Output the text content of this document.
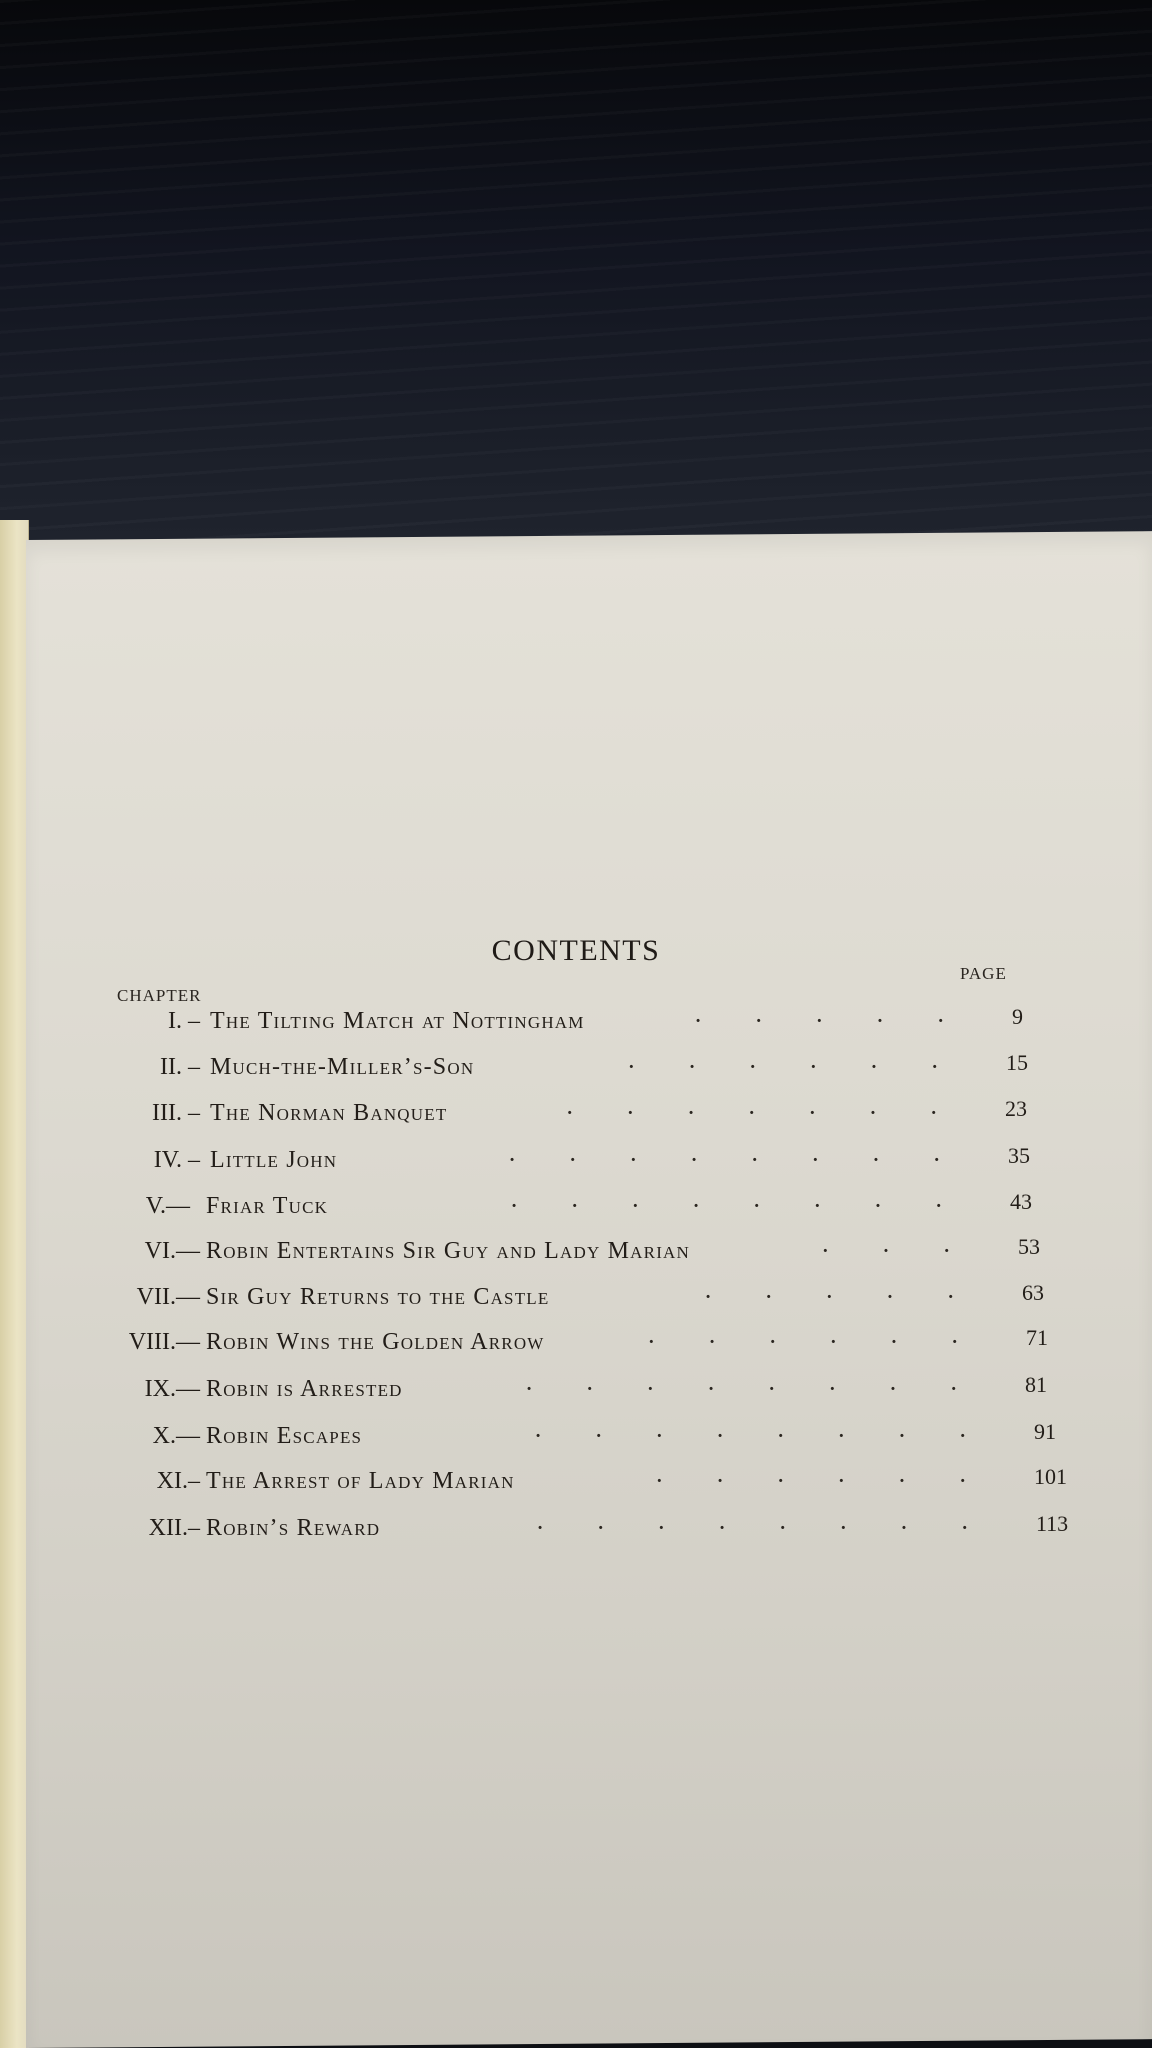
CONTENTS
PAGE
CHAPTER
I. – The Tilting Match at Nottingham	·        ·        ·        ·        · 9
II. – Much-the-Miller’s-Son	·        ·        ·        ·        ·        · 15
III. – The Norman Banquet	·        ·        ·        ·        ·        ·        · 23
IV. – Little John	·        ·        ·        ·        ·        ·        ·        · 35
V.— Friar Tuck	·        ·        ·        ·        ·        ·        ·        · 43
VI.— Robin Entertains Sir Guy and Lady Marian	·        ·        · 53
VII.— Sir Guy Returns to the Castle	·        ·        ·        ·        · 63
VIII.— Robin Wins the Golden Arrow	·        ·        ·        ·        ·        · 71
IX.— Robin is Arrested	·        ·        ·        ·        ·        ·        ·        · 81
X.— Robin Escapes	·        ·        ·        ·        ·        ·        ·        · 91
XI.– The Arrest of Lady Marian	·        ·        ·        ·        ·        · 101
XII.– Robin’s Reward	·        ·        ·        ·        ·        ·        ·        · 113
